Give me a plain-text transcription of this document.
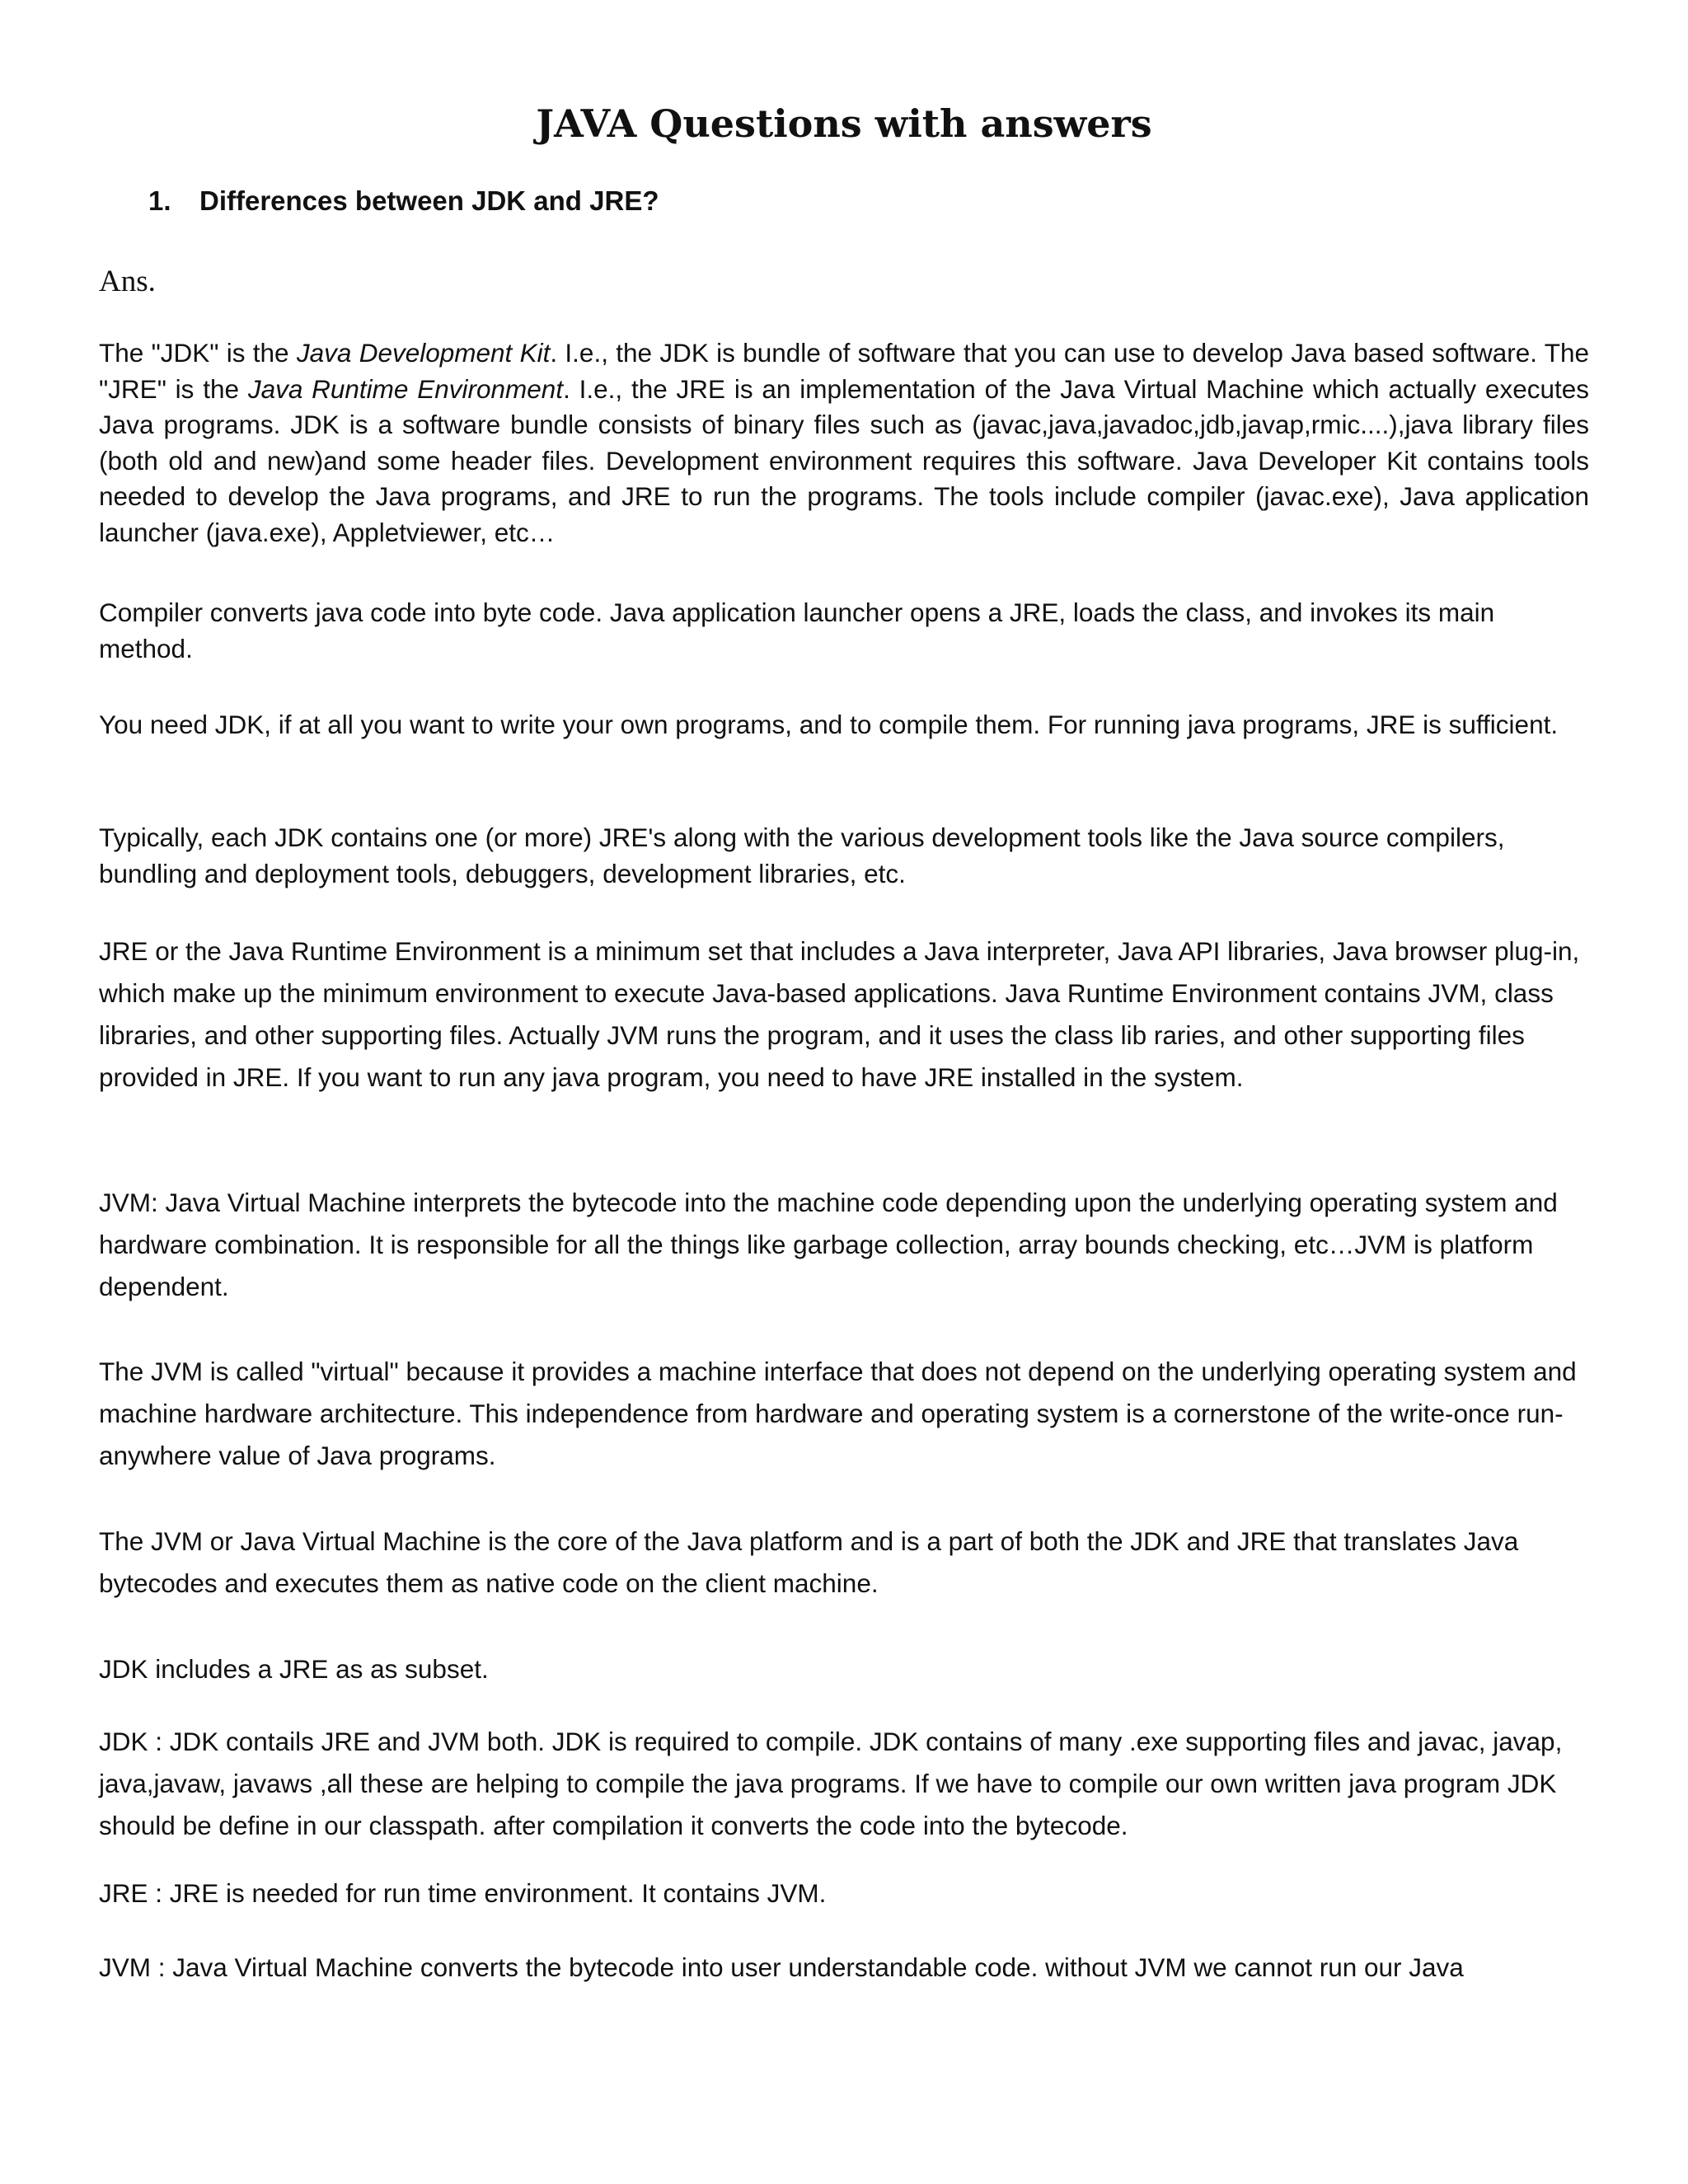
JAVA Questions with answers
1. Differences between JDK and JRE?

Ans.

The "JDK" is the Java Development Kit. I.e., the JDK is bundle of software that you can use to develop Java based software. The "JRE" is the Java Runtime Environment. I.e., the JRE is an implementation of the Java Virtual Machine which actually executes Java programs. JDK is a software bundle consists of binary files such as (javac,java,javadoc,jdb,javap,rmic....),java library files (both old and new)and some header files. Development environment requires this software. Java Developer Kit contains tools needed to develop the Java programs, and JRE to run the programs. The tools include compiler (javac.exe), Java application launcher (java.exe), Appletviewer, etc…

Compiler converts java code into byte code. Java application launcher opens a JRE, loads the class, and invokes its main method.

You need JDK, if at all you want to write your own programs, and to compile them. For running java programs, JRE is sufficient.

Typically, each JDK contains one (or more) JRE's along with the various development tools like the Java source compilers, bundling and deployment tools, debuggers, development libraries, etc.

JRE or the Java Runtime Environment is a minimum set that includes a Java interpreter, Java API libraries, Java browser plug-in, which make up the minimum environment to execute Java-based applications. Java Runtime Environment contains JVM, class libraries, and other supporting files. Actually JVM runs the program, and it uses the class lib raries, and other supporting files provided in JRE. If you want to run any java program, you need to have JRE installed in the system.

JVM: Java Virtual Machine interprets the bytecode into the machine code depending upon the underlying operating system and hardware combination. It is responsible for all the things like garbage collection, array bounds checking, etc…JVM is platform dependent.

The JVM is called "virtual" because it provides a machine interface that does not depend on the underlying operating system and machine hardware architecture. This independence from hardware and operating system is a cornerstone of the write-once run-anywhere value of Java programs.

The JVM or Java Virtual Machine is the core of the Java platform and is a part of both the JDK and JRE that translates Java bytecodes and executes them as native code on the client machine.

JDK includes a JRE as as subset.

JDK : JDK contails JRE and JVM both. JDK is required to compile. JDK contains of many .exe supporting files and javac, javap, java,javaw, javaws ,all these are helping to compile the java programs. If we have to compile our own written java program JDK should be define in our classpath. after compilation it converts the code into the bytecode.

JRE : JRE is needed for run time environment. It contains JVM.

JVM : Java Virtual Machine converts the bytecode into user understandable code. without JVM we cannot run our Java
